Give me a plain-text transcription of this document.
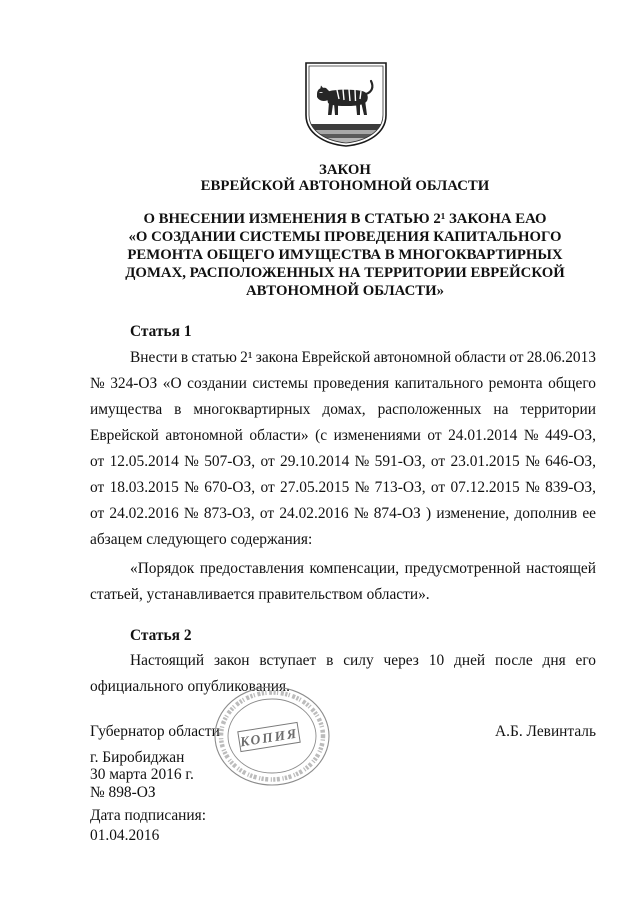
ЗАКОН
ЕВРЕЙСКОЙ АВТОНОМНОЙ ОБЛАСТИ
О ВНЕСЕНИИ ИЗМЕНЕНИЯ В СТАТЬЮ 2¹ ЗАКОНА ЕАО
«О СОЗДАНИИ СИСТЕМЫ ПРОВЕДЕНИЯ КАПИТАЛЬНОГО
РЕМОНТА ОБЩЕГО ИМУЩЕСТВА В МНОГОКВАРТИРНЫХ
ДОМАХ, РАСПОЛОЖЕННЫХ НА ТЕРРИТОРИИ ЕВРЕЙСКОЙ
АВТОНОМНОЙ ОБЛАСТИ»
Статья 1
Внести в статью 2¹ закона Еврейской автономной области от 28.06.2013
№ 324-ОЗ «О создании системы проведения капитального ремонта общего
имущества в многоквартирных домах, расположенных на территории
Еврейской автономной области» (с изменениями от 24.01.2014 № 449-ОЗ,
от 12.05.2014 № 507-ОЗ, от 29.10.2014 № 591-ОЗ, от 23.01.2015 № 646-ОЗ,
от 18.03.2015 № 670-ОЗ, от 27.05.2015 № 713-ОЗ, от 07.12.2015 № 839-ОЗ,
от 24.02.2016 № 873-ОЗ, от 24.02.2016 № 874-ОЗ ) изменение, дополнив ее
абзацем следующего содержания:
«Порядок предоставления компенсации, предусмотренной настоящей
статьей, устанавливается правительством области».
Статья 2
Настоящий закон вступает в силу через 10 дней после дня его
официального опубликования.
Губернатор области	А.Б. Левинталь
г. Биробиджан
30 марта 2016 г.
№ 898-ОЗ
Дата подписания:
01.04.2016
КОПИЯ
